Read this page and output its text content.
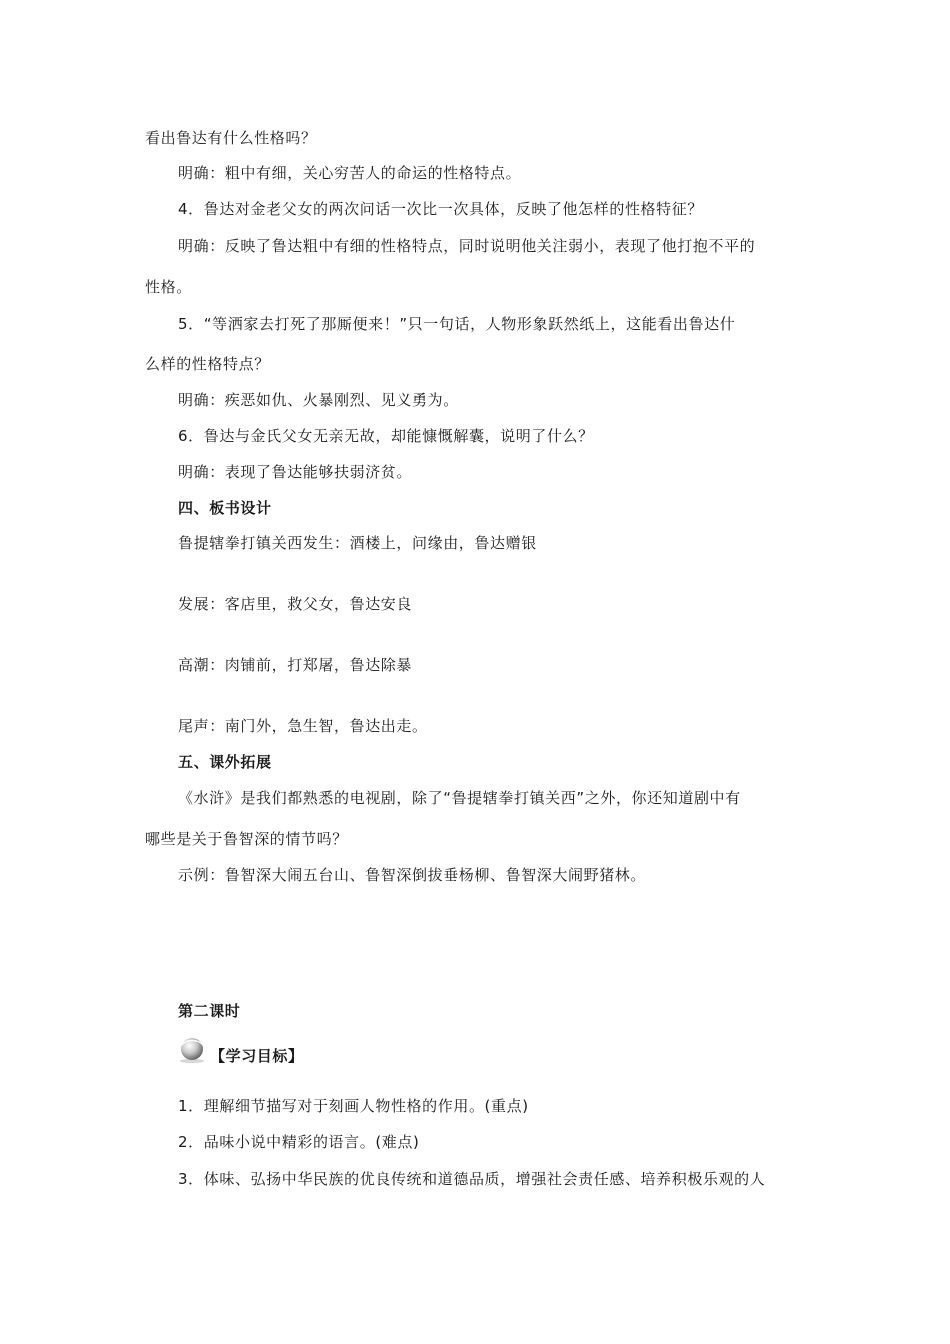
看出鲁达有什么性格吗？
明确：粗中有细，关心穷苦人的命运的性格特点。
4．鲁达对金老父女的两次问话一次比一次具体，反映了他怎样的性格特征？
明确：反映了鲁达粗中有细的性格特点，同时说明他关注弱小，表现了他打抱不平的
性格。
5．“等洒家去打死了那厮便来！”只一句话，人物形象跃然纸上，这能看出鲁达什
么样的性格特点？
明确：疾恶如仇、火暴刚烈、见义勇为。
6．鲁达与金氏父女无亲无故，却能慷慨解囊，说明了什么？
明确：表现了鲁达能够扶弱济贫。
四、板书设计
鲁提辖拳打镇关西发生：酒楼上，问缘由，鲁达赠银
发展：客店里，救父女，鲁达安良
高潮：肉铺前，打郑屠，鲁达除暴
尾声：南门外，急生智，鲁达出走。
五、课外拓展
《水浒》是我们都熟悉的电视剧，除了“鲁提辖拳打镇关西”之外，你还知道剧中有
哪些是关于鲁智深的情节吗？
示例：鲁智深大闹五台山、鲁智深倒拔垂杨柳、鲁智深大闹野猪林。
第二课时
【学习目标】
1．理解细节描写对于刻画人物性格的作用。(重点)
2．品味小说中精彩的语言。(难点)
3．体味、弘扬中华民族的优良传统和道德品质，增强社会责任感、培养积极乐观的人
